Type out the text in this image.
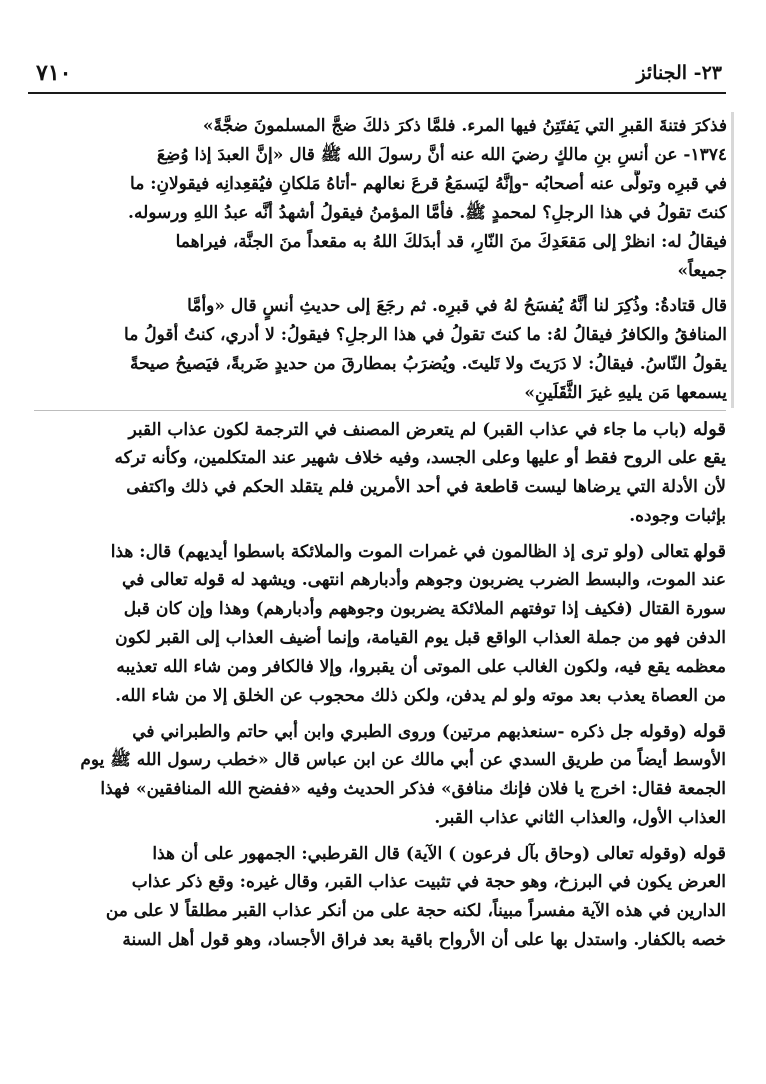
٧١٠	٢٣- الجنائز
فذكرَ فتنةَ القبرِ التي يَفتَتِنُ فيها المرء. فلمَّا ذكرَ ذلكَ ضجَّ المسلمونَ ضجَّةً»
١٣٧٤- عن أنسِ بنِ مالكٍ رضيَ الله عنه أنَّ رسولَ الله ﷺ قال «إنَّ العبدَ إذا وُضِعَ
في قبرِه وتولَّى عنه أصحابُه -وإنَّهُ ليَسمَعُ قرعَ نعالهم -أتاهُ مَلكانِ فيُقعِدانِه فيقولانِ: ما
كنتَ تقولُ في هذا الرجلِ؟ لمحمدٍ ﷺ. فأمَّا المؤمنُ فيقولُ أشهدُ أنَّه عبدُ اللهِ ورسوله.
فيقالُ له: انظرْ إلى مَقعَدِكَ منَ النّارِ، قد أبدَلكَ اللهُ به مقعداً منَ الجنَّة، فيراهما
جميعاً»
قال قتادةُ: وذُكِرَ لنا أنَّهُ يُفسَحُ لهُ في قبرِه. ثم رجَعَ إلى حديثِ أنسٍ قال «وأمَّا
المنافقُ والكافرُ فيقالُ لهُ: ما كنتَ تقولُ في هذا الرجلِ؟ فيقولُ: لا أدري، كنتُ أقولُ ما
يقولُ النّاسُ. فيقالُ: لا دَرَيتَ ولا تَليتَ. ويُضرَبُ بمطارقَ من حديدٍ ضَربةً، فيَصيحُ صيحةً
يسمعها مَن يليهِ غيرَ الثَّقَلَينِ»
قوله(باب ما جاء في عذاب القبر) لم يتعرض المصنف في الترجمة لكون عذاب القبر
يقع على الروح فقط أو عليها وعلى الجسد، وفيه خلاف شهير عند المتكلمين، وكأنه تركه
لأن الأدلة التي يرضاها ليست قاطعة في أحد الأمرين فلم يتقلد الحكم في ذلك واكتفى
بإثبات وجوده.
قولهتعالى (ولو ترى إذ الظالمون في غمرات الموت والملائكة باسطوا أيديهم) قال: هذا
عند الموت، والبسط الضرب يضربون وجوهم وأدبارهم انتهى. ويشهد له قوله تعالى في
سورة القتال (فكيف إذا توفتهم الملائكة يضربون وجوههم وأدبارهم) وهذا وإن كان قبل
الدفن فهو من جملة العذاب الواقع قبل يوم القيامة، وإنما أضيف العذاب إلى القبر لكون
معظمه يقع فيه، ولكون الغالب على الموتى أن يقبروا، وإلا فالكافر ومن شاء الله تعذيبه
من العصاة يعذب بعد موته ولو لم يدفن، ولكن ذلك محجوب عن الخلق إلا من شاء الله.
قوله(وقوله جل ذكره -سنعذبهم مرتين) وروى الطبري وابن أبي حاتم والطبراني في
الأوسط أيضاً من طريق السدي عن أبي مالك عن ابن عباس قال «خطب رسول الله ﷺ يوم
الجمعة فقال: اخرج يا فلان فإنك منافق» فذكر الحديث وفيه «ففضح الله المنافقين» فهذا
العذاب الأول، والعذاب الثاني عذاب القبر.
قوله(وقوله تعالى (وحاق بآل فرعون ) الآية) قال القرطبي: الجمهور على أن هذا
العرض يكون في البرزخ، وهو حجة في تثبيت عذاب القبر، وقال غيره: وقع ذكر عذاب
الدارين في هذه الآية مفسراً مبيناً، لكنه حجة على من أنكر عذاب القبر مطلقاً لا على من
خصه بالكفار. واستدل بها على أن الأرواح باقية بعد فراق الأجساد، وهو قول أهل السنة
